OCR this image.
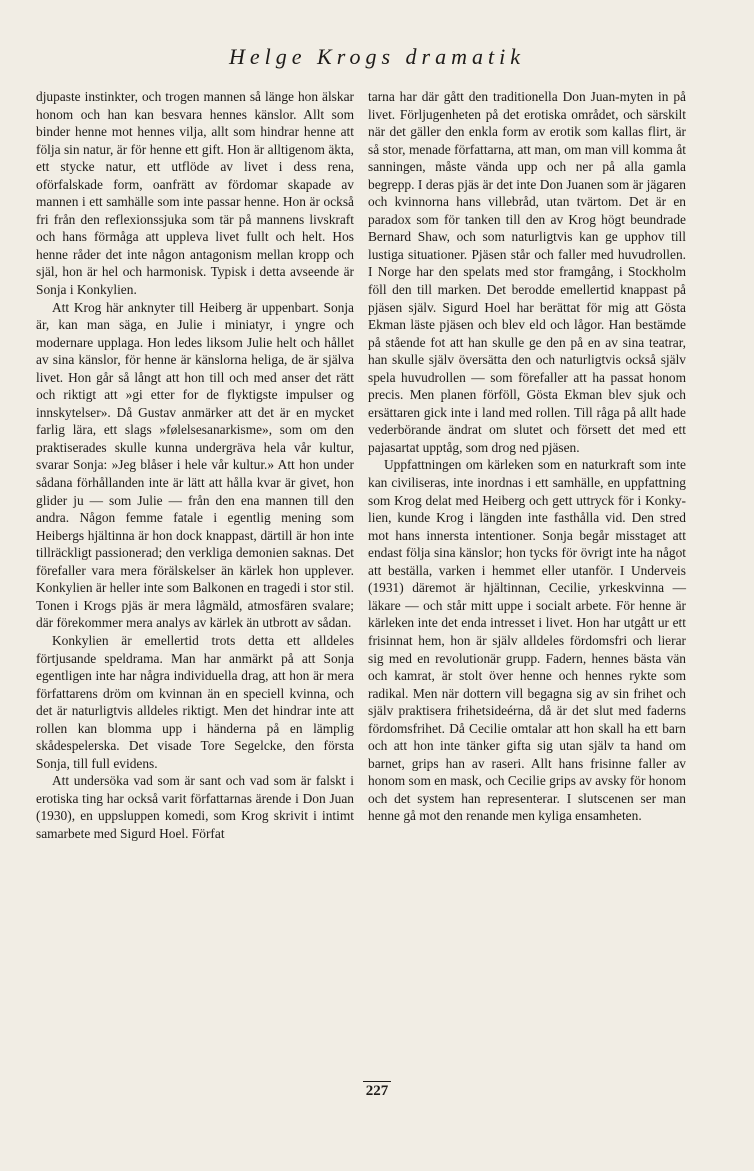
Helge Krogs dramatik

djupaste instinkter, och trogen mannen så länge hon älskar honom och han kan besvara hennes känslor. Allt som binder henne mot hennes vilja, allt som hindrar henne att följa sin natur, är för henne ett gift. Hon är alltigenom äkta, ett stycke natur, ett utflöde av livet i dess rena, oförfalskade form, oanfrätt av fördomar skapade av mannen i ett samhälle som inte passar henne. Hon är också fri från den reflexionssjuka som tär på mannens livskraft och hans förmåga att uppleva livet fullt och helt. Hos henne råder det inte någon antagonism mellan kropp och själ, hon är hel och harmonisk. Typisk i detta avseende är Sonja i Konkylien.

Att Krog här anknyter till Heiberg är uppenbart. Sonja är, kan man säga, en Julie i miniatyr, i yngre och modernare upplaga. Hon ledes liksom Julie helt och hållet av sina känslor, för henne är känslorna heliga, de är själva livet. Hon går så långt att hon till och med anser det rätt och riktigt att »gi etter for de flyktigste impulser og innskytelser». Då Gustav anmärker att det är en mycket farlig lära, ett slags »følelsesanarkisme», som om den praktiserades skulle kunna undergräva hela vår kultur, svarar Sonja: »Jeg blåser i hele vår kultur.» Att hon under sådana förhållanden inte är lätt att hålla kvar är givet, hon glider ju — som Julie — från den ena mannen till den andra. Någon femme fatale i egentlig mening som Heibergs hjältinna är hon dock knappast, därtill är hon inte tillräckligt passionerad; den verkliga demonien saknas. Det förefaller vara mera förälskelser än kärlek hon upplever. Konkylien är heller inte som Balkonen en tragedi i stor stil. Tonen i Krogs pjäs är mera lågmäld, atmosfären svalare; där förekommer mera analys av kärlek än utbrott av sådan.

Konkylien är emellertid trots detta ett alldeles förtjusande speldrama. Man har anmärkt på att Sonja egentligen inte har några individuella drag, att hon är mera författarens dröm om kvinnan än en speciell kvinna, och det är naturligtvis alldeles riktigt. Men det hindrar inte att rollen kan blomma upp i händerna på en lämplig skådespelerska. Det visade Tore Segelcke, den första Sonja, till full evidens.

Att undersöka vad som är sant och vad som är falskt i erotiska ting har också varit författarnas ärende i Don Juan (1930), en uppsluppen komedi, som Krog skrivit i intimt samarbete med Sigurd Hoel. Förfat

tarna har där gått den traditionella Don Juan-myten in på livet. Förljugenheten på det erotiska området, och särskilt när det gäller den enkla form av erotik som kallas flirt, är så stor, menade författarna, att man, om man vill komma åt sanningen, måste vända upp och ner på alla gamla begrepp. I deras pjäs är det inte Don Juanen som är jägaren och kvinnorna hans villebråd, utan tvärtom. Det är en paradox som för tanken till den av Krog högt beundrade Bernard Shaw, och som naturligtvis kan ge upphov till lustiga situationer. Pjäsen står och faller med huvudrollen. I Norge har den spelats med stor framgång, i Stockholm föll den till marken. Det berodde emellertid knappast på pjäsen själv. Sigurd Hoel har berättat för mig att Gösta Ekman läste pjäsen och blev eld och lågor. Han bestämde på stående fot att han skulle ge den på en av sina teatrar, han skulle själv översätta den och naturligtvis också själv spela huvudrollen — som förefaller att ha passat honom precis. Men planen förföll, Gösta Ekman blev sjuk och ersättaren gick inte i land med rollen. Till råga på allt hade vederbörande ändrat om slutet och försett det med ett pajasartat upptåg, som drog ned pjäsen.

Uppfattningen om kärleken som en naturkraft som inte kan civiliseras, inte inordnas i ett samhälle, en uppfattning som Krog delat med Heiberg och gett uttryck för i Konkylien, kunde Krog i längden inte fasthålla vid. Den stred mot hans innersta intentioner. Sonja begår misstaget att endast följa sina känslor; hon tycks för övrigt inte ha något att beställa, varken i hemmet eller utanför. I Underveis (1931) däremot är hjältinnan, Cecilie, yrkeskvinna — läkare — och står mitt uppe i socialt arbete. För henne är kärleken inte det enda intresset i livet. Hon har utgått ur ett frisinnat hem, hon är själv alldeles fördomsfri och lierar sig med en revolutionär grupp. Fadern, hennes bästa vän och kamrat, är stolt över henne och hennes rykte som radikal. Men när dottern vill begagna sig av sin frihet och själv praktisera frihetsideérna, då är det slut med faderns fördomsfrihet. Då Cecilie omtalar att hon skall ha ett barn och att hon inte tänker gifta sig utan själv ta hand om barnet, grips han av raseri. Allt hans frisinne faller av honom som en mask, och Cecilie grips av avsky för honom och det system han representerar. I slutscenen ser man henne gå mot den renande men kyliga ensamheten.

227
